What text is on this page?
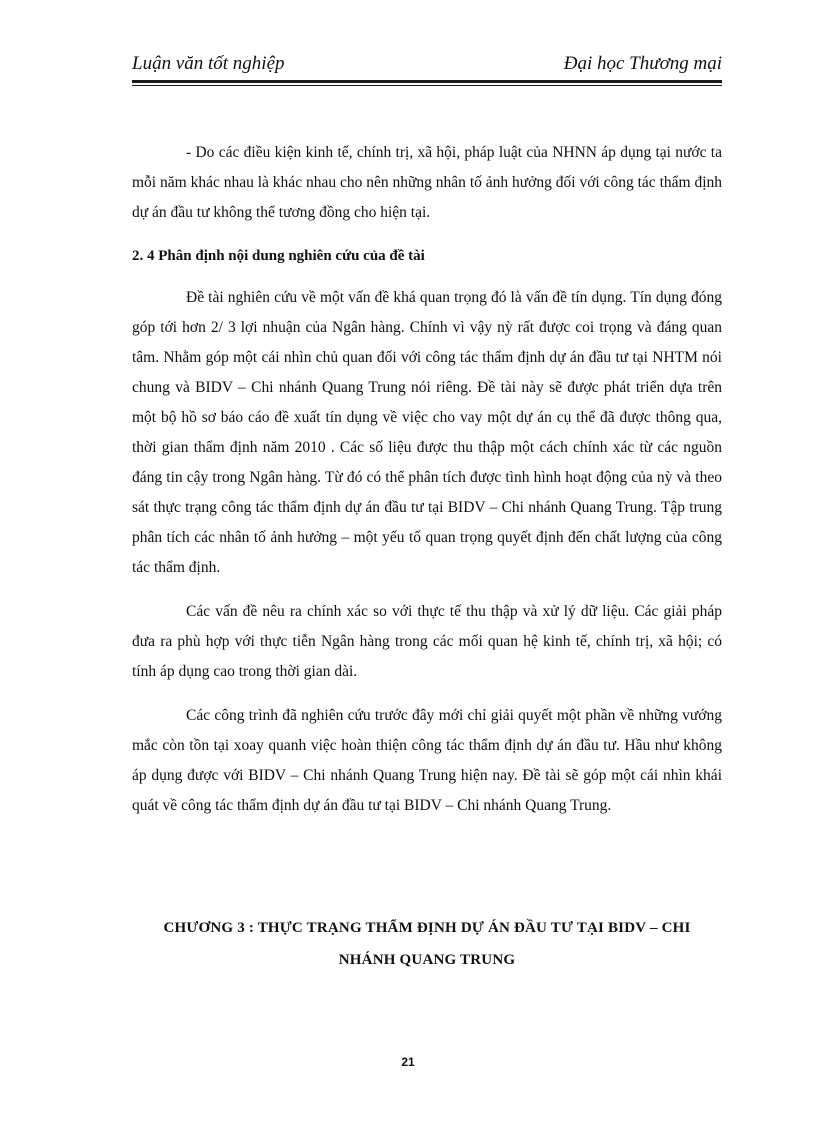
Luận văn tốt nghiệp	Đại học Thương mại

- Do các điều kiện kinh tế, chính trị, xã hội, pháp luật của NHNN áp dụng tại nước ta mỗi năm khác nhau là khác nhau cho nên những nhân tố ảnh hưởng đối với công tác thẩm định dự án đầu tư không thể tương đồng cho hiện tại.

2. 4 Phân định nội dung nghiên cứu của đề tài

Đề tài nghiên cứu về một vấn đề khá quan trọng đó là vấn đề tín dụng. Tín dụng đóng góp tới hơn 2/ 3 lợi nhuận của Ngân hàng. Chính vì vậy nỳ rất được coi trọng và đáng quan tâm. Nhằm góp một cái nhìn chủ quan đối với công tác thẩm định dự án đầu tư tại NHTM nói chung và BIDV – Chi nhánh Quang Trung nói riêng. Đề tài này sẽ được phát triển dựa trên một bộ hồ sơ báo cáo đề xuất tín dụng về việc cho vay một dự án cụ thể đã được thông qua, thời gian thẩm định năm 2010 . Các số liệu được thu thập một cách chính xác từ các nguồn đáng tin cậy trong Ngân hàng. Từ đó có thể phân tích được tình hình hoạt động của nỳ và theo sát thực trạng công tác thẩm định dự án đầu tư tại BIDV – Chi nhánh Quang Trung. Tập trung phân tích các nhân tố ảnh hưởng – một yếu tố quan trọng quyết định đến chất lượng của công tác thẩm định.

Các vấn đề nêu ra chính xác so với thực tế thu thập và xử lý dữ liệu. Các giải pháp đưa ra phù hợp với thực tiễn Ngân hàng trong các mối quan hệ kinh tế, chính trị, xã hội; có tính áp dụng cao trong thời gian dài.

Các công trình đã nghiên cứu trước đây mới chỉ giải quyết một phần về những vướng mắc còn tồn tại xoay quanh việc hoàn thiện công tác thẩm định dự án đầu tư. Hầu như không áp dụng được với BIDV – Chi nhánh Quang Trung hiện nay. Đề tài sẽ góp một cái nhìn khái quát về công tác thẩm định dự án đầu tư tại BIDV – Chi nhánh Quang Trung.

CHƯƠNG 3 : THỰC TRẠNG THẨM ĐỊNH DỰ ÁN ĐẦU TƯ TẠI BIDV – CHI
NHÁNH QUANG TRUNG
21
